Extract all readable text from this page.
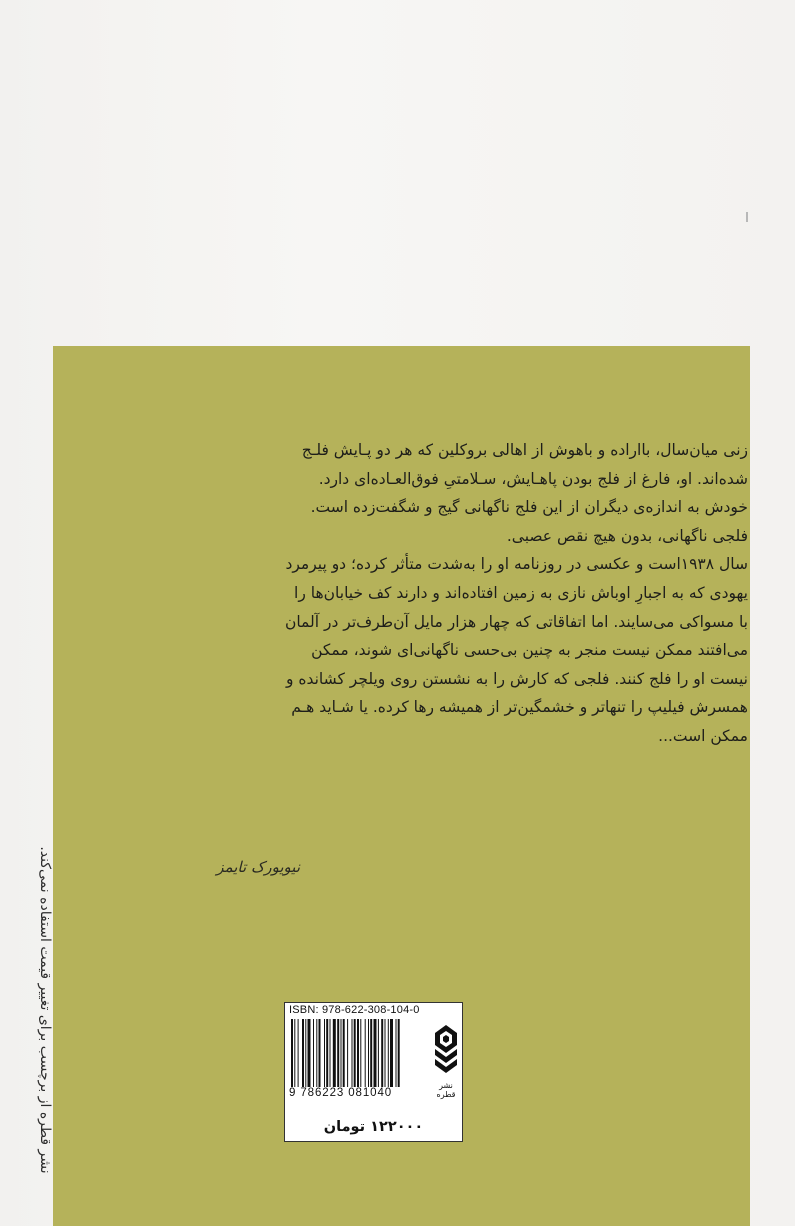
زنی میان‌سال، بااراده و باهوش از اهالی بروکلین که هر دو پـایش فلـج

شده‌اند. او، فارغ از فلج بودن پاهـایش، سـلامتیِ فوق‌العـاده‌ای دارد.

خودش به اندازه‌ی دیگران از این فلج ناگهانی گیج و شگفت‌زده است.

فلجی ناگهانی، بدون هیچ نقص عصبی.

سال ۱۹۳۸است و عکسی در روزنامه او را به‌شدت متأثر کرده؛ دو پیرمرد

یهودی که به اجبارِ اوباش نازی به زمین افتاده‌اند و دارند کف خیابان‌ها را

با مسواکی می‌سایند. اما اتفاقاتی که چهار هزار مایل آن‌طرف‌تر در آلمان

می‌افتند ممکن نیست منجر به چنین بی‌حسی ناگهانی‌ای شوند، ممکن

نیست او را فلج کنند. فلجی که کارش را به نشستن روی ویلچر کشانده و

همسرش فیلیپ را تنهاتر و خشمگین‌تر از همیشه رها کرده. یا شـاید هـم

ممکن است...

نیویورک تایمز
نشر قطره از برچسب برای تغییر قیمت استفاده نمی‌کند.	ISBN: 978-622-308-104-0
9 786223 081040
نشر قطره
۱۲۲۰۰۰ تومان
